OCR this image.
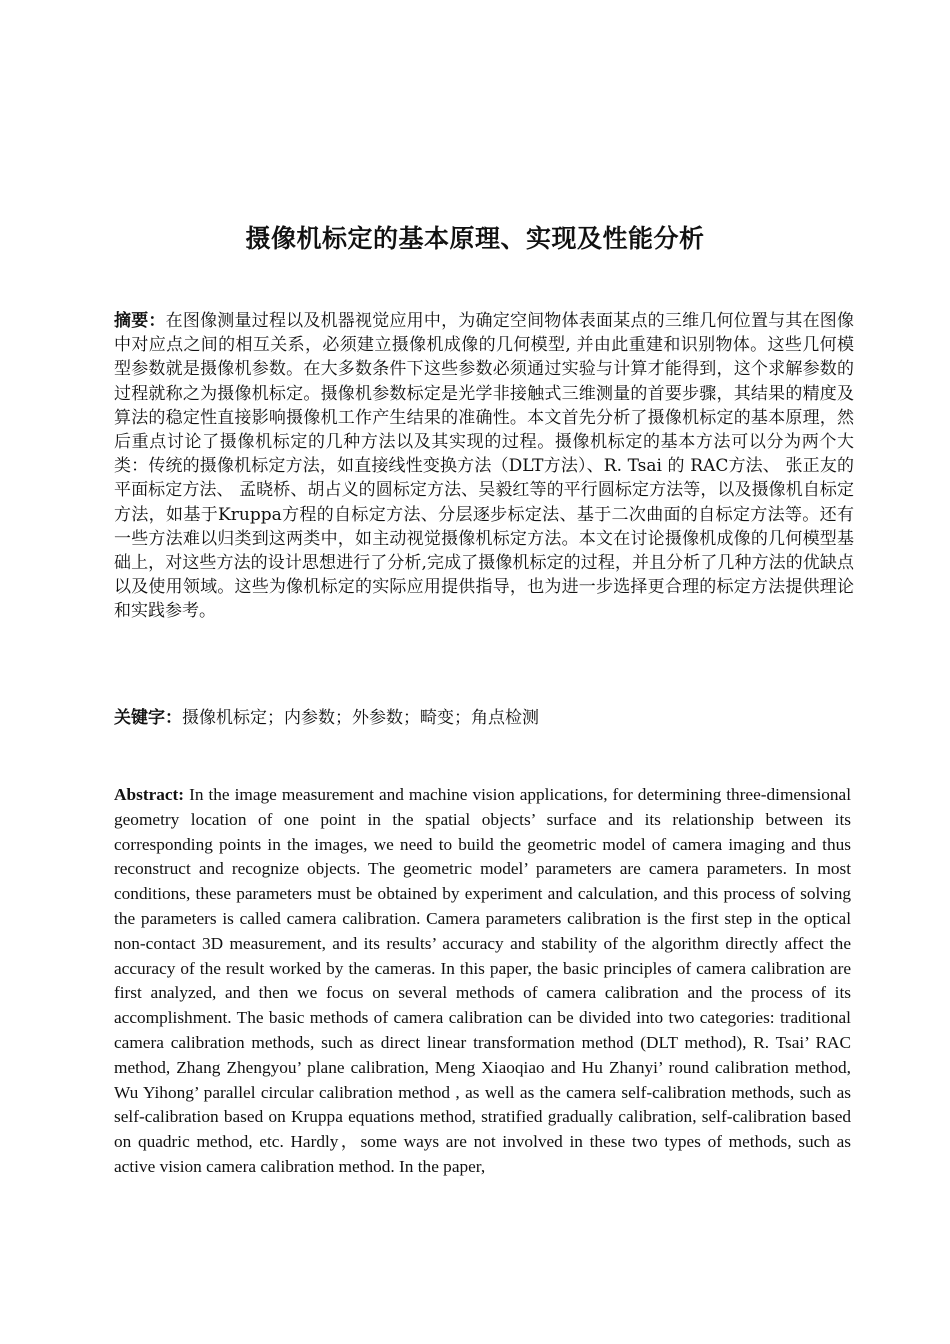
摄像机标定的基本原理、实现及性能分析
摘要：在图像测量过程以及机器视觉应用中，为确定空间物体表面某点的三维几何位置与其在图像中对应点之间的相互关系，必须建立摄像机成像的几何模型, 并由此重建和识别物体。这些几何模型参数就是摄像机参数。在大多数条件下这些参数必须通过实验与计算才能得到，这个求解参数的过程就称之为摄像机标定。摄像机参数标定是光学非接触式三维测量的首要步骤，其结果的精度及算法的稳定性直接影响摄像机工作产生结果的准确性。本文首先分析了摄像机标定的基本原理，然后重点讨论了摄像机标定的几种方法以及其实现的过程。摄像机标定的基本方法可以分为两个大类：传统的摄像机标定方法，如直接线性变换方法（DLT方法）、R. Tsai 的 RAC方法、 张正友的平面标定方法、 孟晓桥、胡占义的圆标定方法、吴毅红等的平行圆标定方法等，以及摄像机自标定方法，如基于Kruppa方程的自标定方法、分层逐步标定法、基于二次曲面的自标定方法等。还有一些方法难以归类到这两类中，如主动视觉摄像机标定方法。本文在讨论摄像机成像的几何模型基础上，对这些方法的设计思想进行了分析,完成了摄像机标定的过程，并且分析了几种方法的优缺点以及使用领域。这些为像机标定的实际应用提供指导，也为进一步选择更合理的标定方法提供理论和实践参考。
关键字：摄像机标定；内参数；外参数；畸变；角点检测
Abstract: In the image measurement and machine vision applications, for determining three-dimensional geometry location of one point in the spatial objects’ surface and its relationship between its corresponding points in the images, we need to build the geometric model of camera imaging and thus reconstruct and recognize objects. The geometric model’ parameters are camera parameters. In most conditions, these parameters must be obtained by experiment and calculation, and this process of solving the parameters is called camera calibration. Camera parameters calibration is the first step in the optical non-contact 3D measurement, and its results’ accuracy and stability of the algorithm directly affect the accuracy of the result worked by the cameras. In this paper, the basic principles of camera calibration are first analyzed, and then we focus on several methods of camera calibration and the process of its accomplishment. The basic methods of camera calibration can be divided into two categories: traditional camera calibration methods, such as direct linear transformation method (DLT method), R. Tsai’ RAC method, Zhang Zhengyou’ plane calibration, Meng Xiaoqiao and Hu Zhanyi’ round calibration method, Wu Yihong’ parallel circular calibration method , as well as the camera self-calibration methods, such as self-calibration based on Kruppa equations method, stratified gradually calibration, self-calibration based on quadric method, etc. Hardly，some ways are not involved in these two types of methods, such as active vision camera calibration method. In the paper,
